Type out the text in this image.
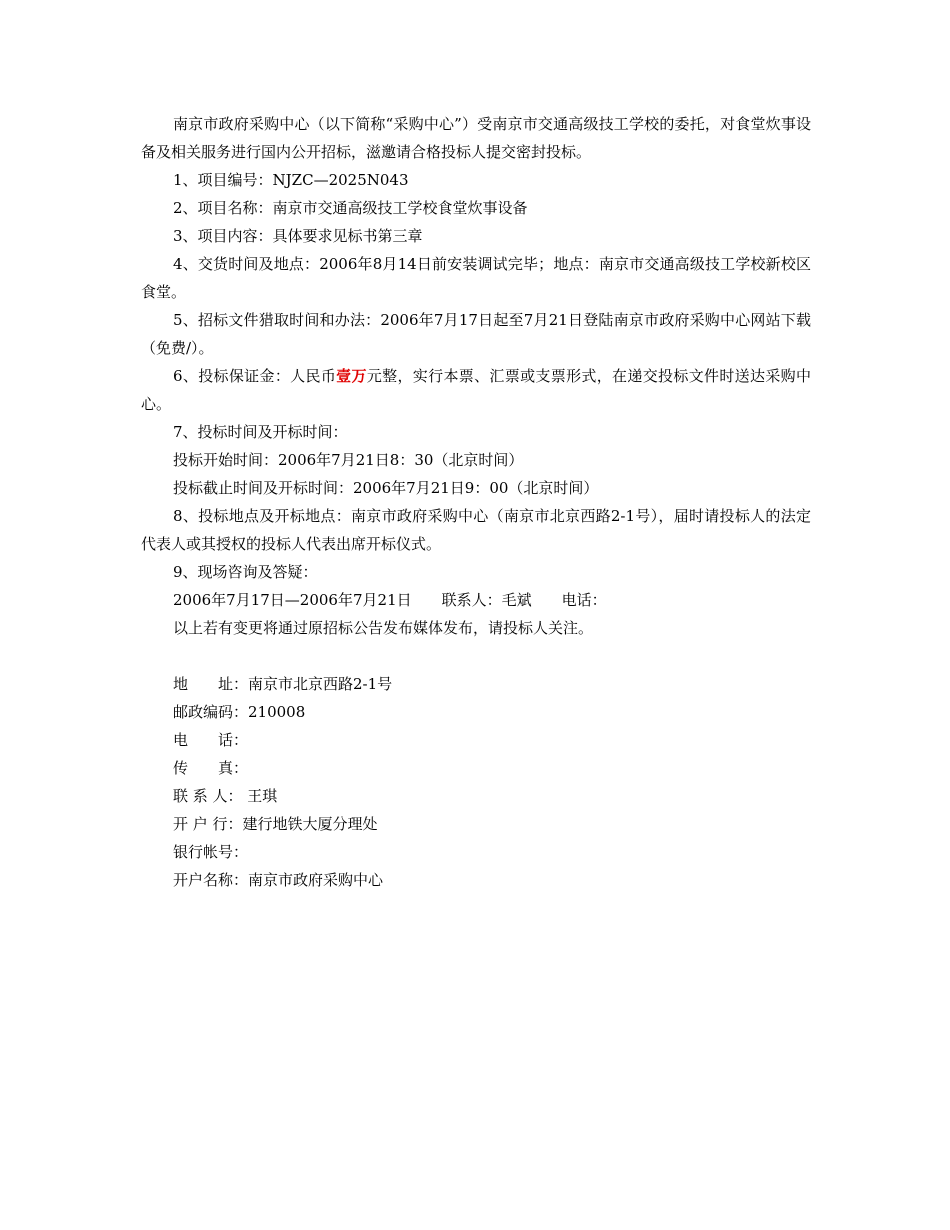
南京市政府采购中心（以下简称“采购中心”）受南京市交通高级技工学校的委托，对食堂炊事设备及相关服务进行国内公开招标，滋邀请合格投标人提交密封投标。

1、项目编号：NJZC—2025N043

2、项目名称：南京市交通高级技工学校食堂炊事设备

3、项目内容：具体要求见标书第三章

4、交货时间及地点：2006年8月14日前安装调试完毕；地点：南京市交通高级技工学校新校区食堂。

5、招标文件猎取时间和办法：2006年7月17日起至7月21日登陆南京市政府采购中心网站下载（免费/）。

6、投标保证金：人民币壹万元整，实行本票、汇票或支票形式，在递交投标文件时送达采购中心。

7、投标时间及开标时间：

投标开始时间：2006年7月21日8：30（北京时间）

投标截止时间及开标时间：2006年7月21日9：00（北京时间）

8、投标地点及开标地点：南京市政府采购中心（南京市北京西路2-1号），届时请投标人的法定代表人或其授权的投标人代表出席开标仪式。

9、现场咨询及答疑：

2006年7月17日—2006年7月21日　　联系人：毛斌　　电话：

以上若有变更将通过原招标公告发布媒体发布，请投标人关注。

地　　址：南京市北京西路2-1号

邮政编码：210008

电　　话：

传　　真：

联 系 人： 王琪

开 户 行：建行地铁大厦分理处

银行帐号：

开户名称：南京市政府采购中心
